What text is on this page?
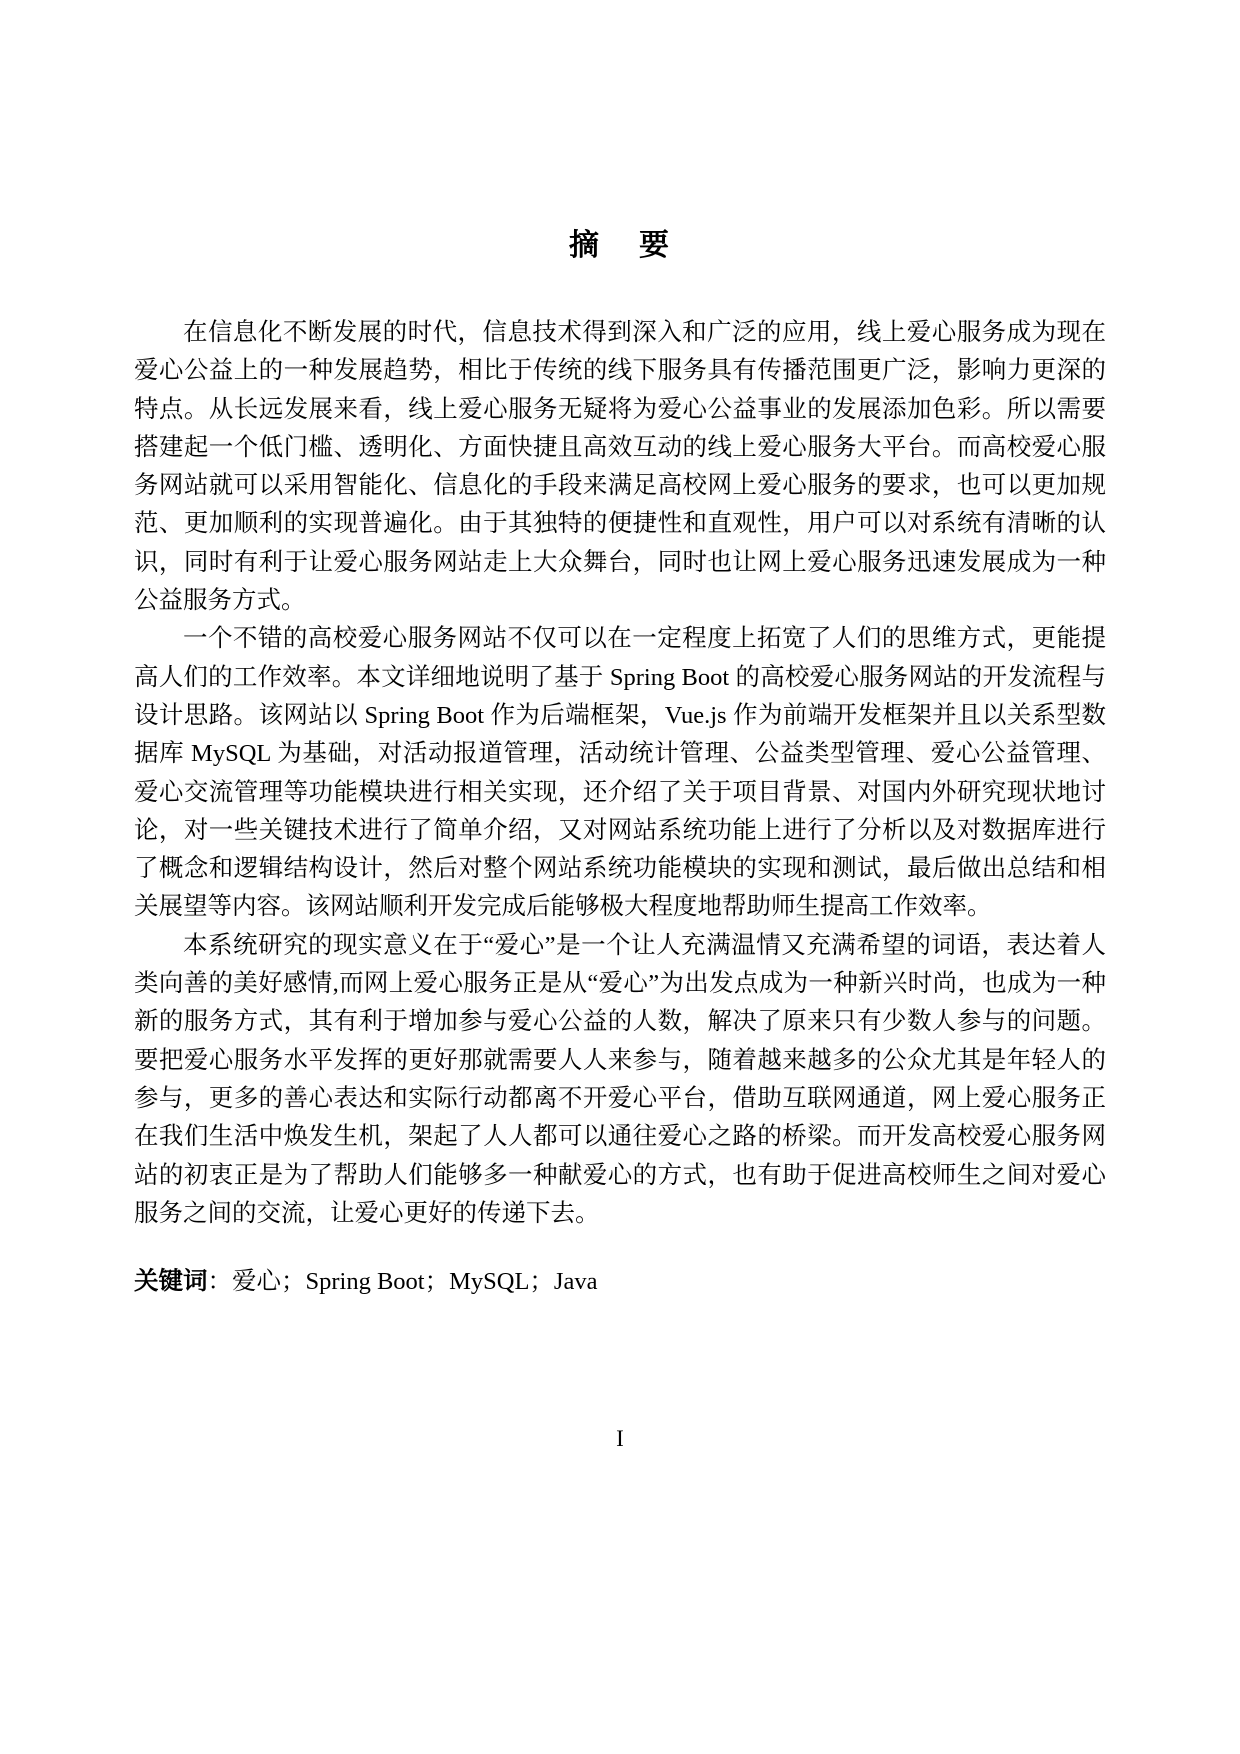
摘 要

在信息化不断发展的时代，信息技术得到深入和广泛的应用，线上爱心服务成为现在爱心公益上的一种发展趋势，相比于传统的线下服务具有传播范围更广泛，影响力更深的特点。从长远发展来看，线上爱心服务无疑将为爱心公益事业的发展添加色彩。所以需要搭建起一个低门槛、透明化、方面快捷且高效互动的线上爱心服务大平台。而高校爱心服务网站就可以采用智能化、信息化的手段来满足高校网上爱心服务的要求，也可以更加规范、更加顺利的实现普遍化。由于其独特的便捷性和直观性，用户可以对系统有清晰的认识，同时有利于让爱心服务网站走上大众舞台，同时也让网上爱心服务迅速发展成为一种公益服务方式。

一个不错的高校爱心服务网站不仅可以在一定程度上拓宽了人们的思维方式，更能提高人们的工作效率。本文详细地说明了基于 Spring Boot 的高校爱心服务网站的开发流程与设计思路。该网站以 Spring Boot 作为后端框架，Vue.js 作为前端开发框架并且以关系型数据库 MySQL 为基础，对活动报道管理，活动统计管理、公益类型管理、爱心公益管理、爱心交流管理等功能模块进行相关实现，还介绍了关于项目背景、对国内外研究现状地讨论，对一些关键技术进行了简单介绍，又对网站系统功能上进行了分析以及对数据库进行了概念和逻辑结构设计，然后对整个网站系统功能模块的实现和测试，最后做出总结和相关展望等内容。该网站顺利开发完成后能够极大程度地帮助师生提高工作效率。

本系统研究的现实意义在于“爱心”是一个让人充满温情又充满希望的词语，表达着人类向善的美好感情,而网上爱心服务正是从“爱心”为出发点成为一种新兴时尚，也成为一种新的服务方式，其有利于增加参与爱心公益的人数，解决了原来只有少数人参与的问题。要把爱心服务水平发挥的更好那就需要人人来参与，随着越来越多的公众尤其是年轻人的参与，更多的善心表达和实际行动都离不开爱心平台，借助互联网通道，网上爱心服务正在我们生活中焕发生机，架起了人人都可以通往爱心之路的桥梁。而开发高校爱心服务网站的初衷正是为了帮助人们能够多一种献爱心的方式，也有助于促进高校师生之间对爱心服务之间的交流，让爱心更好的传递下去。

关键词：爱心；Spring Boot；MySQL；Java

I
